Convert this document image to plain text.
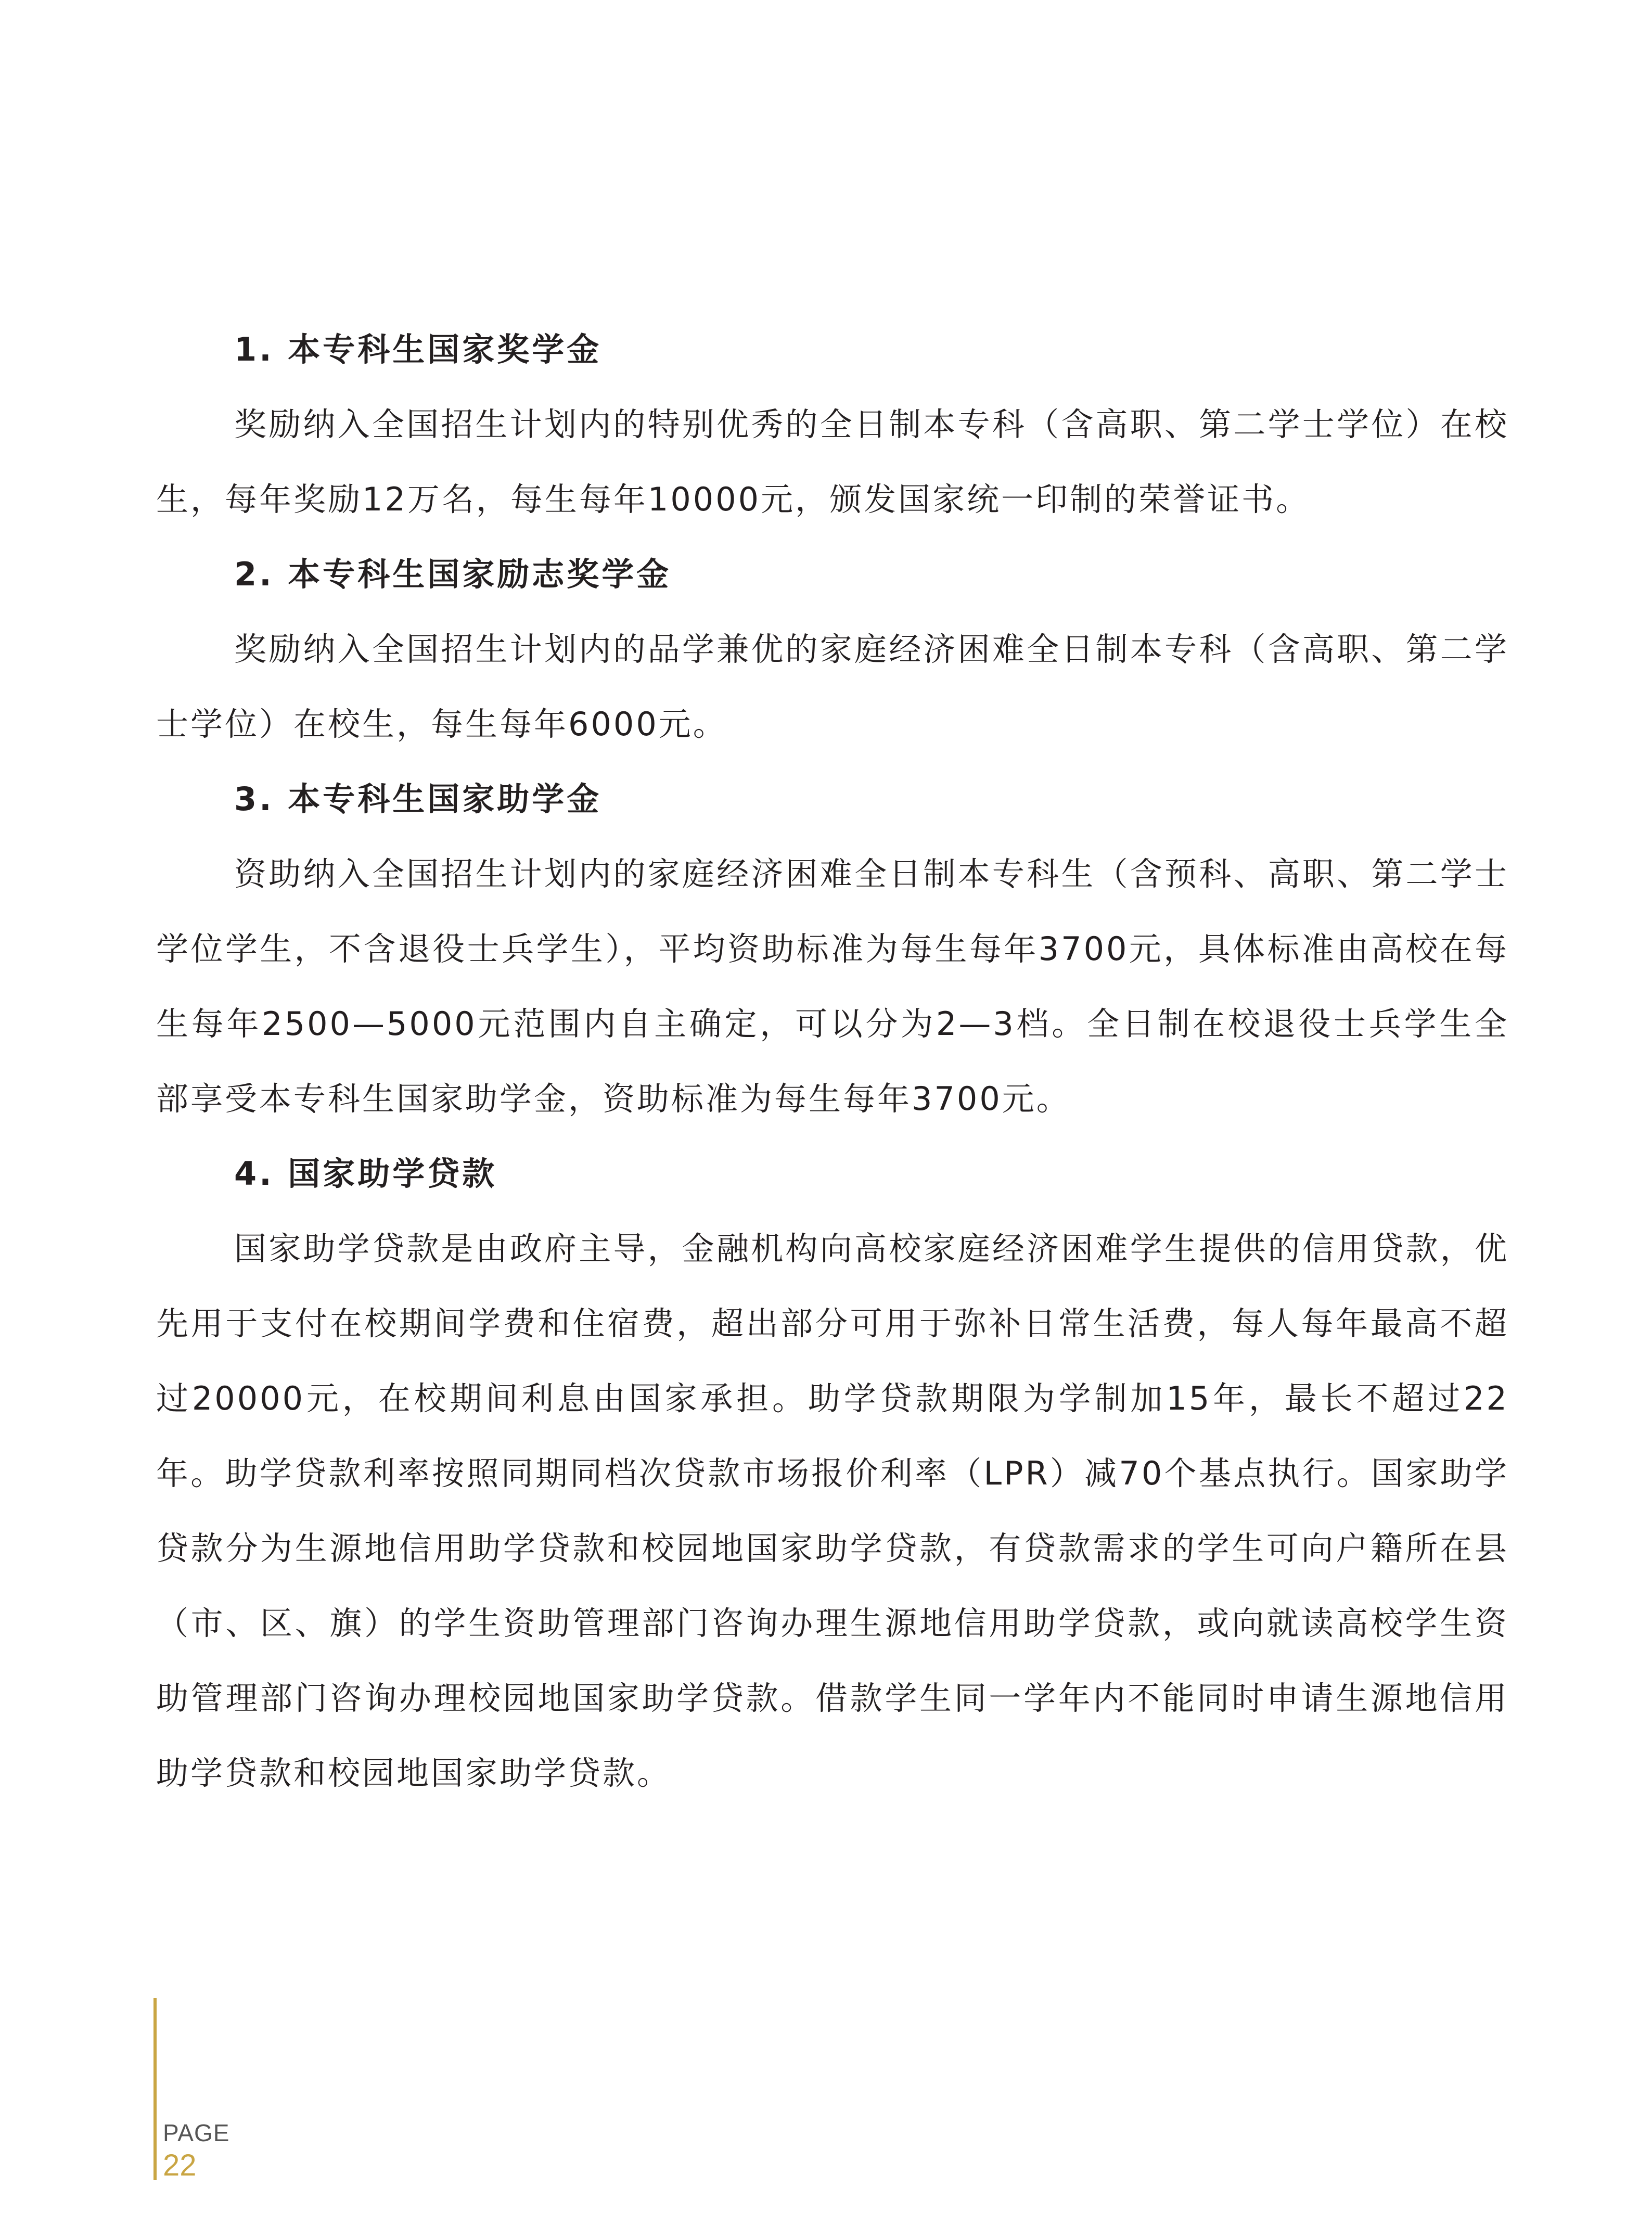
1. 本专科生国家奖学金

奖励纳入全国招生计划内的特别优秀的全日制本专科（含高职、第二学士学位）在校生，每年奖励12万名，每生每年10000元，颁发国家统一印制的荣誉证书。

2. 本专科生国家励志奖学金

奖励纳入全国招生计划内的品学兼优的家庭经济困难全日制本专科（含高职、第二学士学位）在校生，每生每年6000元。

3. 本专科生国家助学金

资助纳入全国招生计划内的家庭经济困难全日制本专科生（含预科、高职、第二学士学位学生，不含退役士兵学生），平均资助标准为每生每年3700元，具体标准由高校在每生每年2500—5000元范围内自主确定，可以分为2—3档。全日制在校退役士兵学生全部享受本专科生国家助学金，资助标准为每生每年3700元。

4. 国家助学贷款

国家助学贷款是由政府主导，金融机构向高校家庭经济困难学生提供的信用贷款，优先用于支付在校期间学费和住宿费，超出部分可用于弥补日常生活费，每人每年最高不超过20000元，在校期间利息由国家承担。助学贷款期限为学制加15年，最长不超过22年。助学贷款利率按照同期同档次贷款市场报价利率（LPR）减70个基点执行。国家助学贷款分为生源地信用助学贷款和校园地国家助学贷款，有贷款需求的学生可向户籍所在县（市、区、旗）的学生资助管理部门咨询办理生源地信用助学贷款，或向就读高校学生资助管理部门咨询办理校园地国家助学贷款。借款学生同一学年内不能同时申请生源地信用助学贷款和校园地国家助学贷款。

PAGE
22
